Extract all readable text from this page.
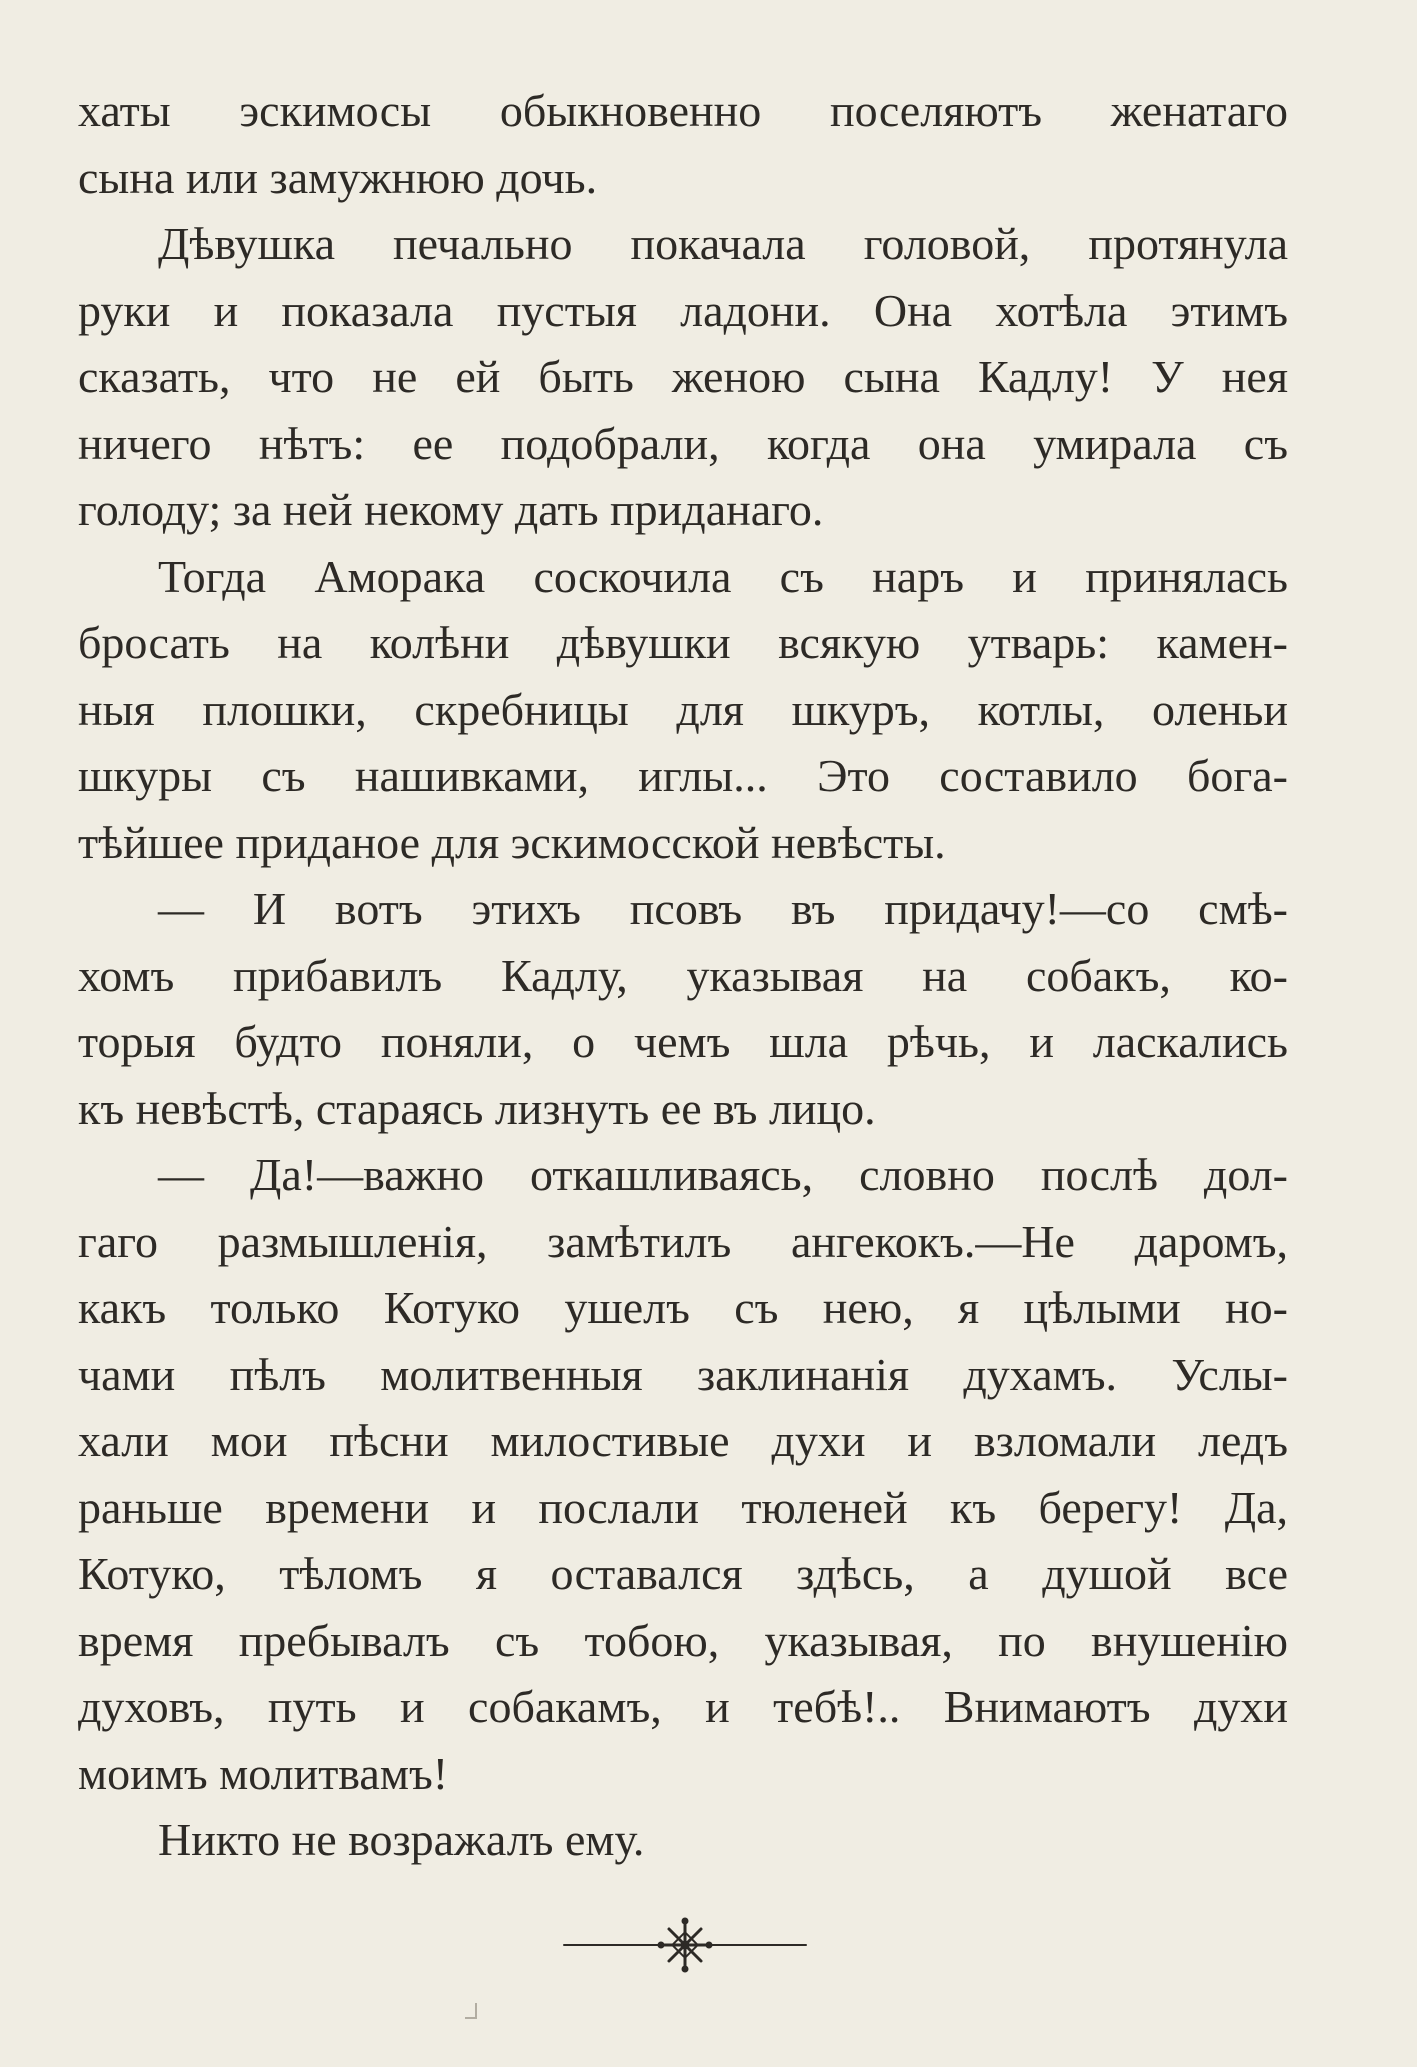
хаты эскимосы обыкновенно поселяютъ женатаго
сына или замужнюю дочь.
Дѣвушка печально покачала головой, протянула
руки и показала пустыя ладони. Она хотѣла этимъ
сказать, что не ей быть женою сына Кадлу! У нея
ничего нѣтъ: ее подобрали, когда она умирала съ
голоду; за ней некому дать приданаго.
Тогда Аморака соскочила съ наръ и принялась
бросать на колѣни дѣвушки всякую утварь: камен-
ныя плошки, скребницы для шкуръ, котлы, оленьи
шкуры съ нашивками, иглы... Это составило бога-
тѣйшее приданое для эскимосской невѣсты.
— И вотъ этихъ псовъ въ придачу!—со смѣ-
хомъ прибавилъ Кадлу, указывая на собакъ, ко-
торыя будто поняли, о чемъ шла рѣчь, и ласкались
къ невѣстѣ, стараясь лизнуть ее въ лицо.
— Да!—важно откашливаясь, словно послѣ дол-
гаго размышленія, замѣтилъ ангекокъ.—Не даромъ,
какъ только Котуко ушелъ съ нею, я цѣлыми но-
чами пѣлъ молитвенныя заклинанія духамъ. Услы-
хали мои пѣсни милостивые духи и взломали ледъ
раньше времени и послали тюленей къ берегу! Да,
Котуко, тѣломъ я оставался здѣсь, а душой все
время пребывалъ съ тобою, указывая, по внушенію
духовъ, путь и собакамъ, и тебѣ!.. Внимаютъ духи
моимъ молитвамъ!
Никто не возражалъ ему.
